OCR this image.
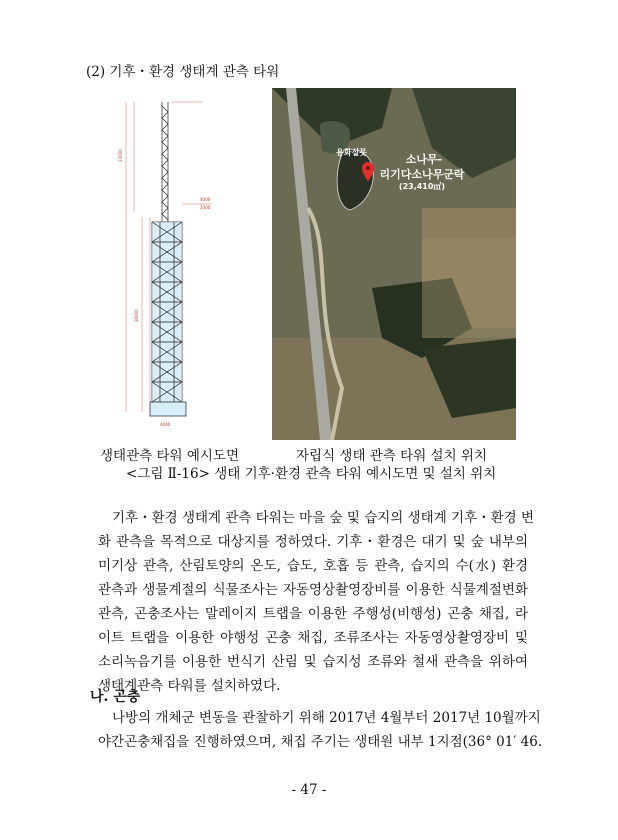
(2) 기후・환경 생태계 관측 타워
13000
4000
2000
30000
4000
용화실못
소나무-
리기다소나무군락
(23,410㎡)
생태관측 타워 예시도면	자립식 생태 관측 타워 설치 위치
<그림 Ⅱ-16> 생태 기후·환경 관측 타워 예시도면 및 설치 위치
기후・환경 생태계 관측 타워는 마을 숲 및 습지의 생태계 기후・환경 변
화 관측을 목적으로 대상지를 정하였다. 기후・환경은 대기 및 숲 내부의
미기상 관측, 산림토양의 온도, 습도, 호흡 등 관측, 습지의 수(水) 환경
관측과 생물계절의 식물조사는 자동영상촬영장비를 이용한 식물계절변화
관측, 곤충조사는 말레이지 트랩을 이용한 주행성(비행성) 곤충 채집, 라
이트 트랩을 이용한 야행성 곤충 채집, 조류조사는 자동영상촬영장비 및
소리녹음기를 이용한 번식기 산림 및 습지성 조류와 철새 관측을 위하여
생태계관측 타워를 설치하였다.
나. 곤충
나방의 개체군 변동을 관찰하기 위해 2017년 4월부터 2017년 10월까지
야간곤충채집을 진행하였으며, 채집 주기는 생태원 내부 1지점(36° 01′ 46.
- 47 -
